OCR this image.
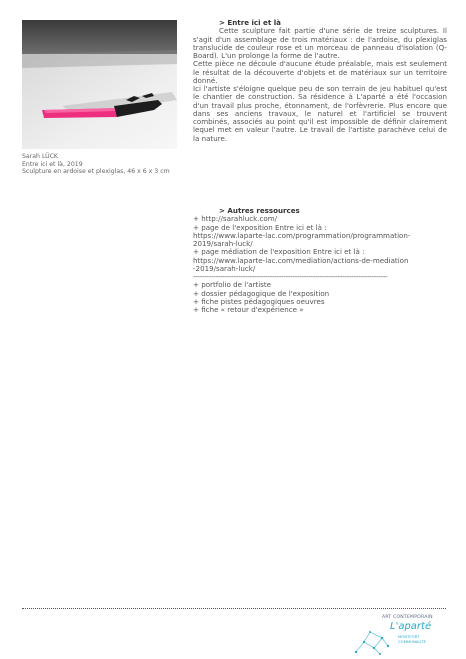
Sarah LÜCK
Entre ici et là, 2019
Sculpture en ardoise et plexiglas, 46 x 6 x 3 cm
> Entre ici et là
Cette sculpture fait partie d'une série de treize sculptures. Il s'agit d'un assemblage de trois matériaux : de l'ardoise, du plexiglas translucide de couleur rose et un morceau de panneau d'isolation (Q-Board). L'un prolonge la forme de l'autre.
Cette pièce ne découle d'aucune étude préalable, mais est seulement le résultat de la découverte d'objets et de matériaux sur un territoire donné.
Ici l'artiste s'éloigne quelque peu de son terrain de jeu habituel qu'est le chantier de construction. Sa résidence à L'aparté a été l'occasion d'un travail plus proche, étonnament, de l'orfèvrerie. Plus encore que dans ses anciens travaux, le naturel et l'artificiel se trouvent combinés, associés au point qu'il est impossible de définir clairement lequel met en valeur l'autre. Le travail de l'artiste parachève celui de la nature.
> Autres ressources
+ http://sarahluck.com/
+ page de l'exposition Entre ici et là :
https://www.laparte-lac.com/programmation/programmation-
2019/sarah-luck/
+ page médiation de l'exposition Entre ici et là :
https://www.laparte-lac.com/mediation/actions-de-mediation
-2019/sarah-luck/
--------------------------------------------------------------------------------------
+ portfolio de l'artiste
+ dossier pédagogique de l'exposition
+ fiche pistes pédagogiques oeuvres
+ fiche « retour d'expérience »
ART CONTEMPORAIN
L'aparté
MONTFORT
COMMUNAUTÉ
